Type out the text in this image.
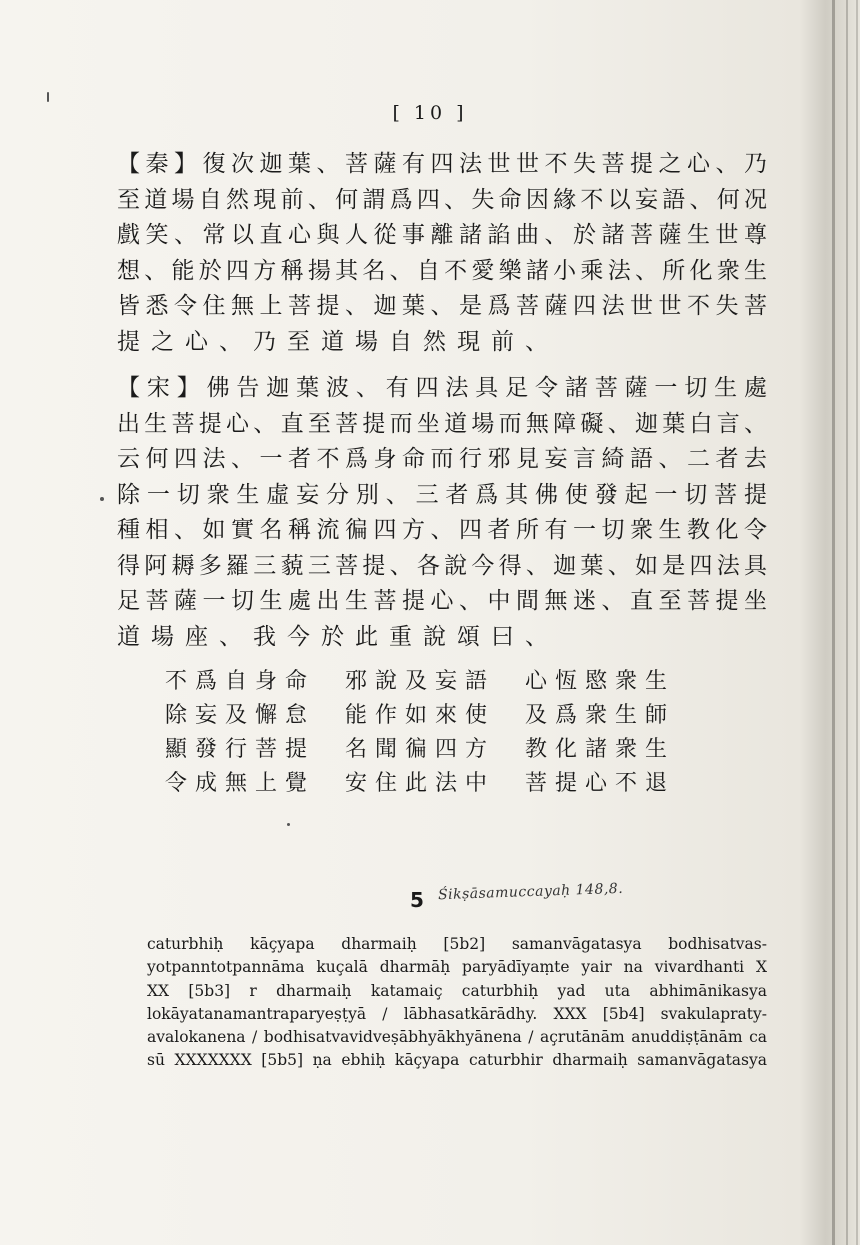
[ 10 ]
【秦】復次迦葉、菩薩有四法世世不失菩提之心、乃
至道場自然現前、何謂爲四、失命因緣不以妄語、何况
戲笑、常以直心與人從事離諸諂曲、於諸菩薩生世尊
想、能於四方稱揚其名、自不愛樂諸小乘法、所化衆生
皆悉令住無上菩提、迦葉、是爲菩薩四法世世不失菩
提之心、乃至道場自然現前、
【宋】佛告迦葉波、有四法具足令諸菩薩一切生處
出生菩提心、直至菩提而坐道場而無障礙、迦葉白言、
云何四法、一者不爲身命而行邪見妄言綺語、二者去
除一切衆生虛妄分別、三者爲其佛使發起一切菩提
種相、如實名稱流徧四方、四者所有一切衆生教化令
得阿耨多羅三藐三菩提、各說今得、迦葉、如是四法具
足菩薩一切生處出生菩提心、中間無迷、直至菩提坐
道場座、我今於此重說頌曰、
不爲自身命	邪說及妄語	心恆愍衆生
除妄及懈怠	能作如來使	及爲衆生師
顯發行菩提	名聞徧四方	教化諸衆生
令成無上覺	安住此法中	菩提心不退
5 Śikṣāsamuccayaḥ 148,8.
caturbhiḥ kāçyapa dharmaiḥ [5b2] samanvāgatasya bodhisatvas-
yotpanntotpannāma kuçalā dharmāḥ paryādīyaṃte yair na vivardhanti X
XX [5b3] r dharmaiḥ katamaiç caturbhiḥ yad uta abhimānikasya
lokāyatanamantraparyeṣṭyā / lābhasatkārādhy. XXX [5b4] svakulapraty-
avalokanena / bodhisatvavidveṣābhyākhyānena / açrutānām anuddiṣṭānām ca
sū XXXXXXX [5b5] ṇa ebhiḥ kāçyapa caturbhir dharmaiḥ samanvāgatasya
